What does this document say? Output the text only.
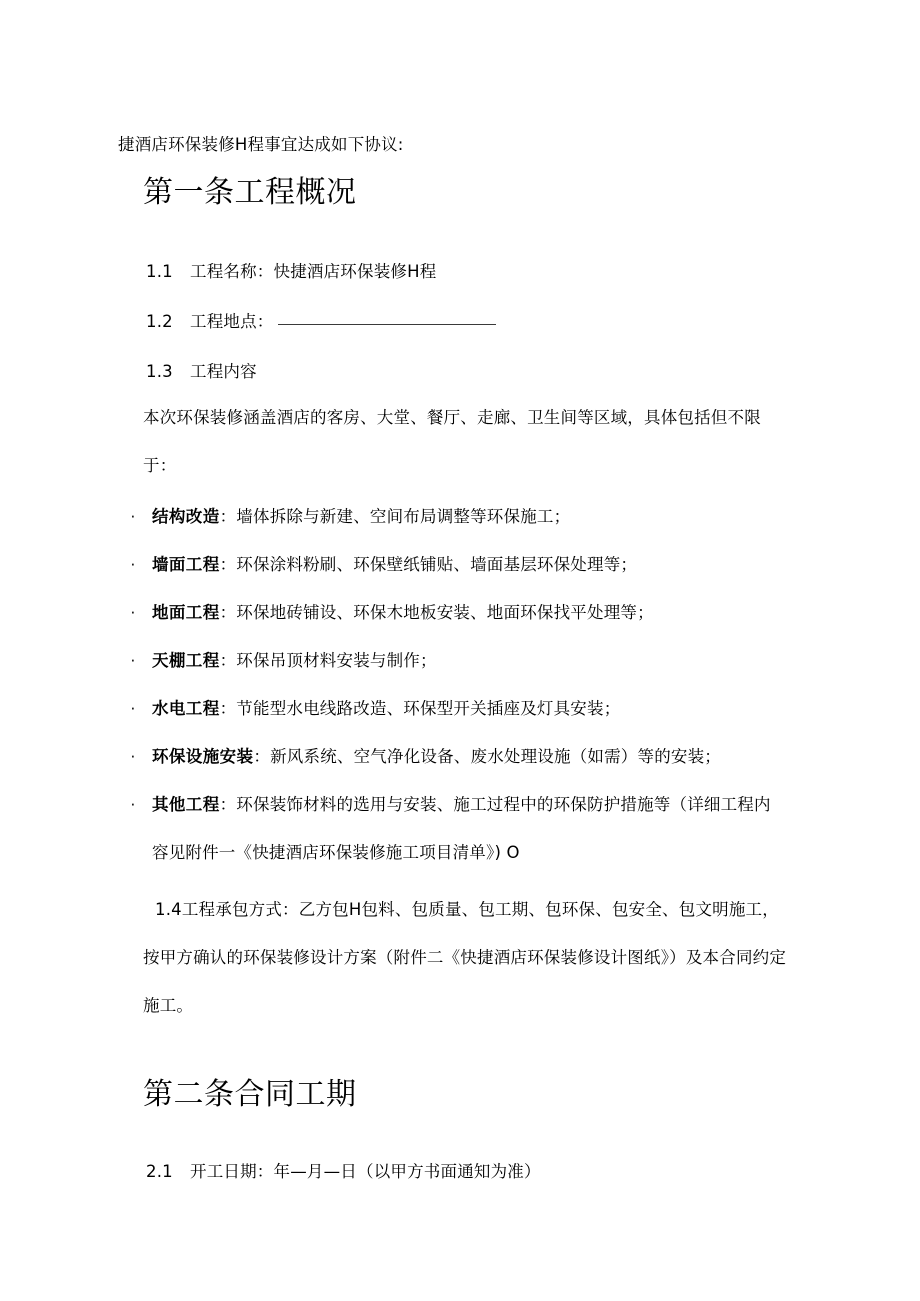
捷酒店环保装修H程事宜达成如下协议:
第一条工程概况
1.1 工程名称：快捷酒店环保装修H程
1.2 工程地点：
1.3 工程内容
本次环保装修涵盖酒店的客房、大堂、餐厅、走廊、卫生间等区域，具体包括但不限于：
· 结构改造：墙体拆除与新建、空间布局调整等环保施工；
· 墙面工程：环保涂料粉刷、环保壁纸铺贴、墙面基层环保处理等；
· 地面工程：环保地砖铺设、环保木地板安装、地面环保找平处理等；
· 天棚工程：环保吊顶材料安装与制作；
· 水电工程：节能型水电线路改造、环保型开关插座及灯具安装；
· 环保设施安装：新风系统、空气净化设备、废水处理设施（如需）等的安装；
· 其他工程：环保装饰材料的选用与安装、施工过程中的环保防护措施等（详细工程内
容见附件一《快捷酒店环保装修施工项目清单》) O
1.4工程承包方式：乙方包H包料、包质量、包工期、包环保、包安全、包文明施工，按甲方确认的环保装修设计方案（附件二《快捷酒店环保装修设计图纸》）及本合同约定施工。
第二条合同工期
2.1 开工日期：年—月—日（以甲方书面通知为准）
